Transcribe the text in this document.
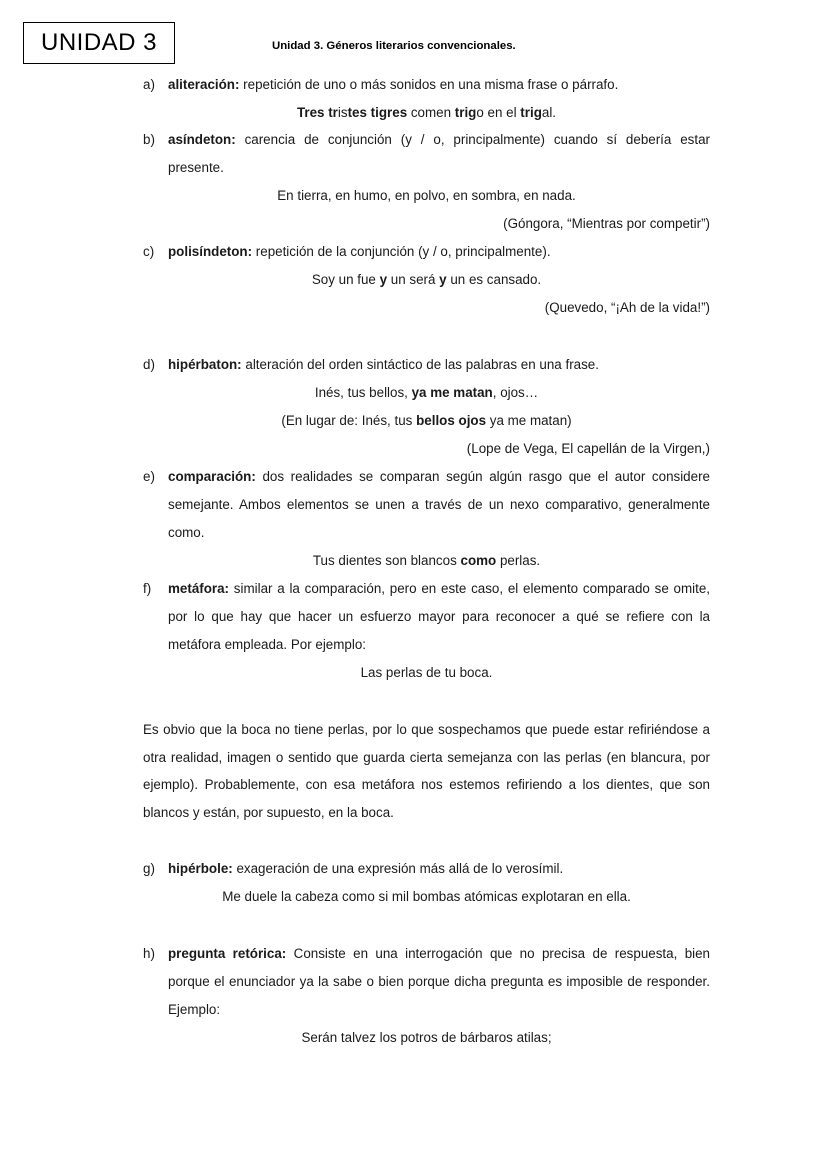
UNIDAD 3	Unidad 3. Géneros literarios convencionales.
a) aliteración: repetición de uno o más sonidos en una misma frase o párrafo.
Tres tristes tigres comen trigo en el trigal.
b) asíndeton: carencia de conjunción (y / o, principalmente) cuando sí debería estar presente.
En tierra, en humo, en polvo, en sombra, en nada.
(Góngora, “Mientras por competir”)
c) polisíndeton: repetición de la conjunción (y / o, principalmente).
Soy un fue y un será y un es cansado.
(Quevedo, “¡Ah de la vida!”)
d) hipérbaton: alteración del orden sintáctico de las palabras en una frase.
Inés, tus bellos, ya me matan, ojos…
(En lugar de: Inés, tus bellos ojos ya me matan)
(Lope de Vega, El capellán de la Virgen,)
e) comparación: dos realidades se comparan según algún rasgo que el autor considere semejante. Ambos elementos se unen a través de un nexo comparativo, generalmente como.
Tus dientes son blancos como perlas.
f) metáfora: similar a la comparación, pero en este caso, el elemento comparado se omite, por lo que hay que hacer un esfuerzo mayor para reconocer a qué se refiere con la metáfora empleada. Por ejemplo:
Las perlas de tu boca.
Es obvio que la boca no tiene perlas, por lo que sospechamos que puede estar refiriéndose a otra realidad, imagen o sentido que guarda cierta semejanza con las perlas (en blancura, por ejemplo). Probablemente, con esa metáfora nos estemos refiriendo a los dientes, que son blancos y están, por supuesto, en la boca.
g) hipérbole: exageración de una expresión más allá de lo verosímil.
Me duele la cabeza como si mil bombas atómicas explotaran en ella.
h) pregunta retórica: Consiste en una interrogación que no precisa de respuesta, bien porque el enunciador ya la sabe o bien porque dicha pregunta es imposible de responder. Ejemplo:
Serán talvez los potros de bárbaros atilas;
